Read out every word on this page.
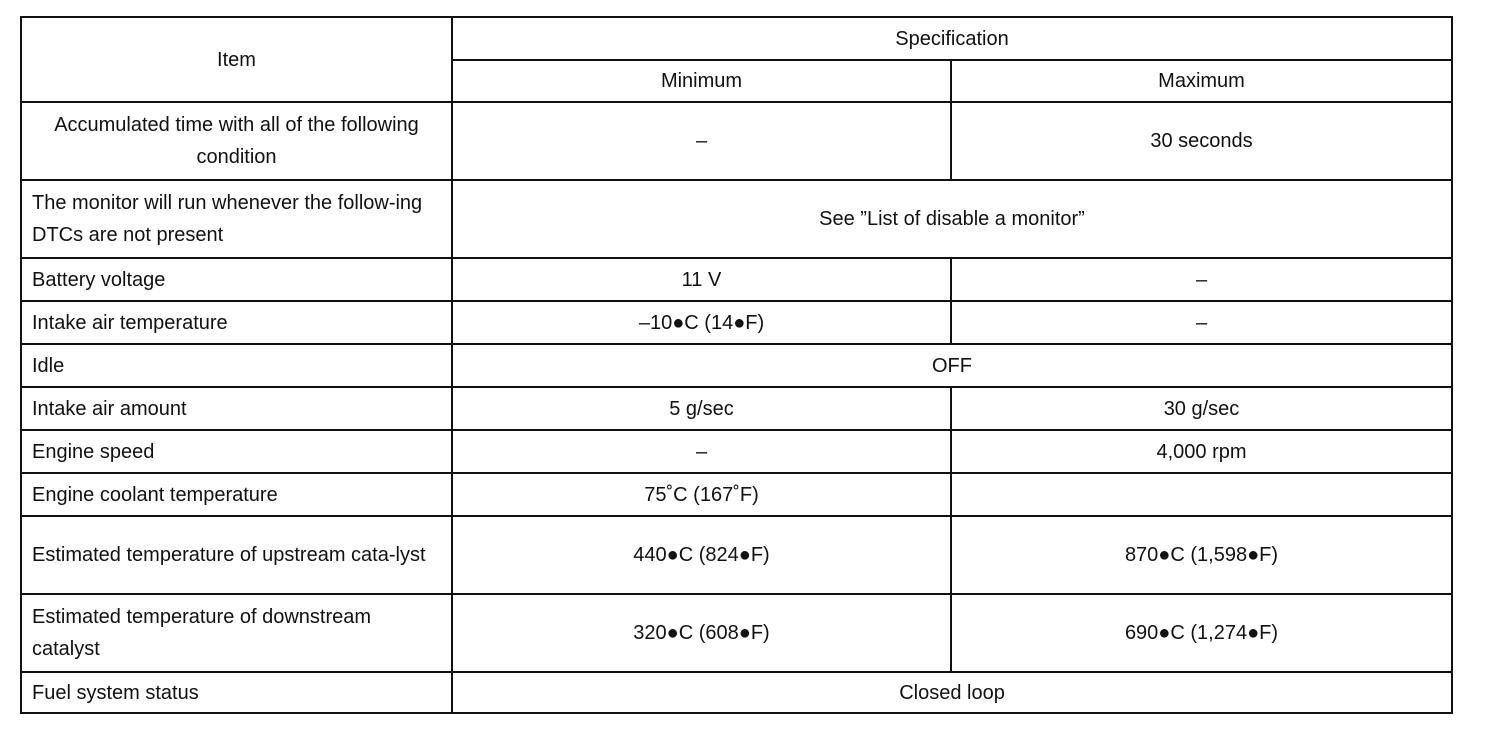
Item	Specification	
	Minimum	Maximum
Accumulated time with all of the following condition	–	30 seconds
The monitor will run whenever the follow-ing DTCs are not present	See ”List of disable a monitor”	
Battery voltage	11 V	–
Intake air temperature	–10●C (14●F)	–
Idle	OFF	
Intake air amount	5 g/sec	30 g/sec
Engine speed	–	4,000 rpm
Engine coolant temperature	75˚C (167˚F)	
Estimated temperature of upstream cata-lyst	440●C (824●F)	870●C (1,598●F)
Estimated temperature of downstream catalyst	320●C (608●F)	690●C (1,274●F)
Fuel system status	Closed loop	
